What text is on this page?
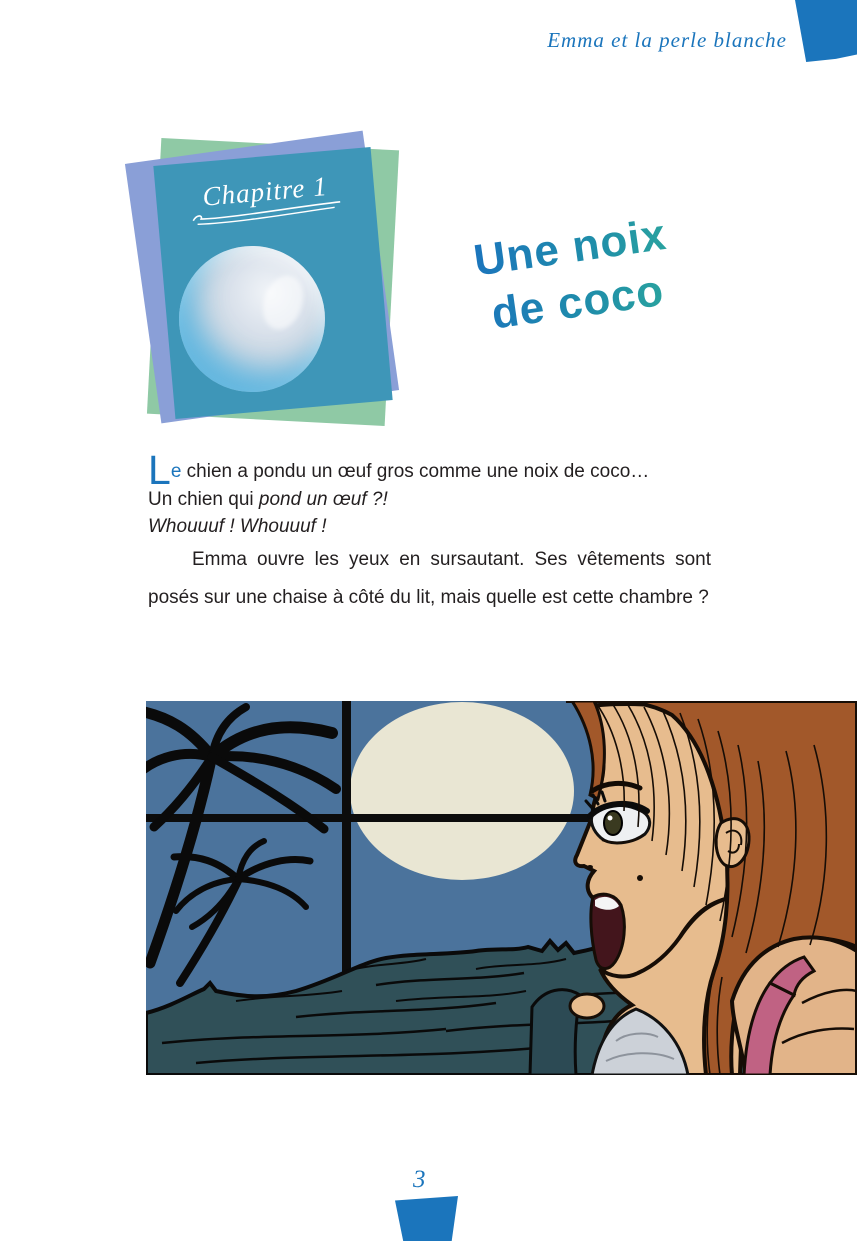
Emma et la perle blanche
Chapitre 1
Une noix
de coco

Le chien a pondu un œuf gros comme une noix de coco…

Un chien qui pond un œuf ?!

Whouuuf ! Whouuuf !

Emma ouvre les yeux en sursautant. Ses vêtements sont posés sur une chaise à côté du lit, mais quelle est cette chambre ?

3
